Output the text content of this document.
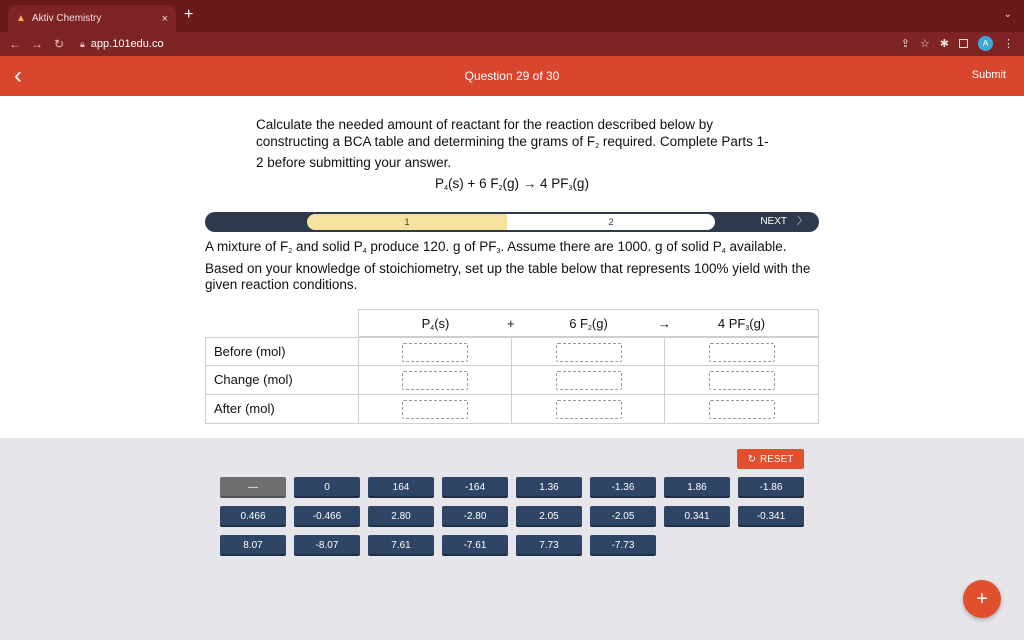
▲ Aktiv Chemistry	× +	⌄
← → ↻	🔒︎ app.101edu.co	⇪ ☆ ✱	A	⋮
‹	Question 29 of 30	Submit
Calculate the needed amount of reactant for the reaction described below by constructing a BCA table and determining the grams of $F_2$ required. Complete Parts 1-2 before submitting your answer.
$P_4(s) + 6$ $F_2(g) \to 4$ $PF_3(g)$
1	2	NEXT 〉
A mixture of $F_2$ and solid $P_4$ produce 120. g of $PF_3$. Assume there are 1000. g of solid $P_4$ available. Based on your knowledge of stoichiometry, set up the table below that represents 100% yield with the given reaction conditions.
$P_4(s)$	+	6 $F_2(g)$	→	4 $PF_3(g)$
Before (mol)
Change (mol)
After (mol)
↻ RESET
—	0	164	-164	1.36	-1.36	1.86	-1.86
0.466	-0.466	2.80	-2.80	2.05	-2.05	0.341	-0.341
8.07	-8.07	7.61	-7.61	7.73	-7.73
+
